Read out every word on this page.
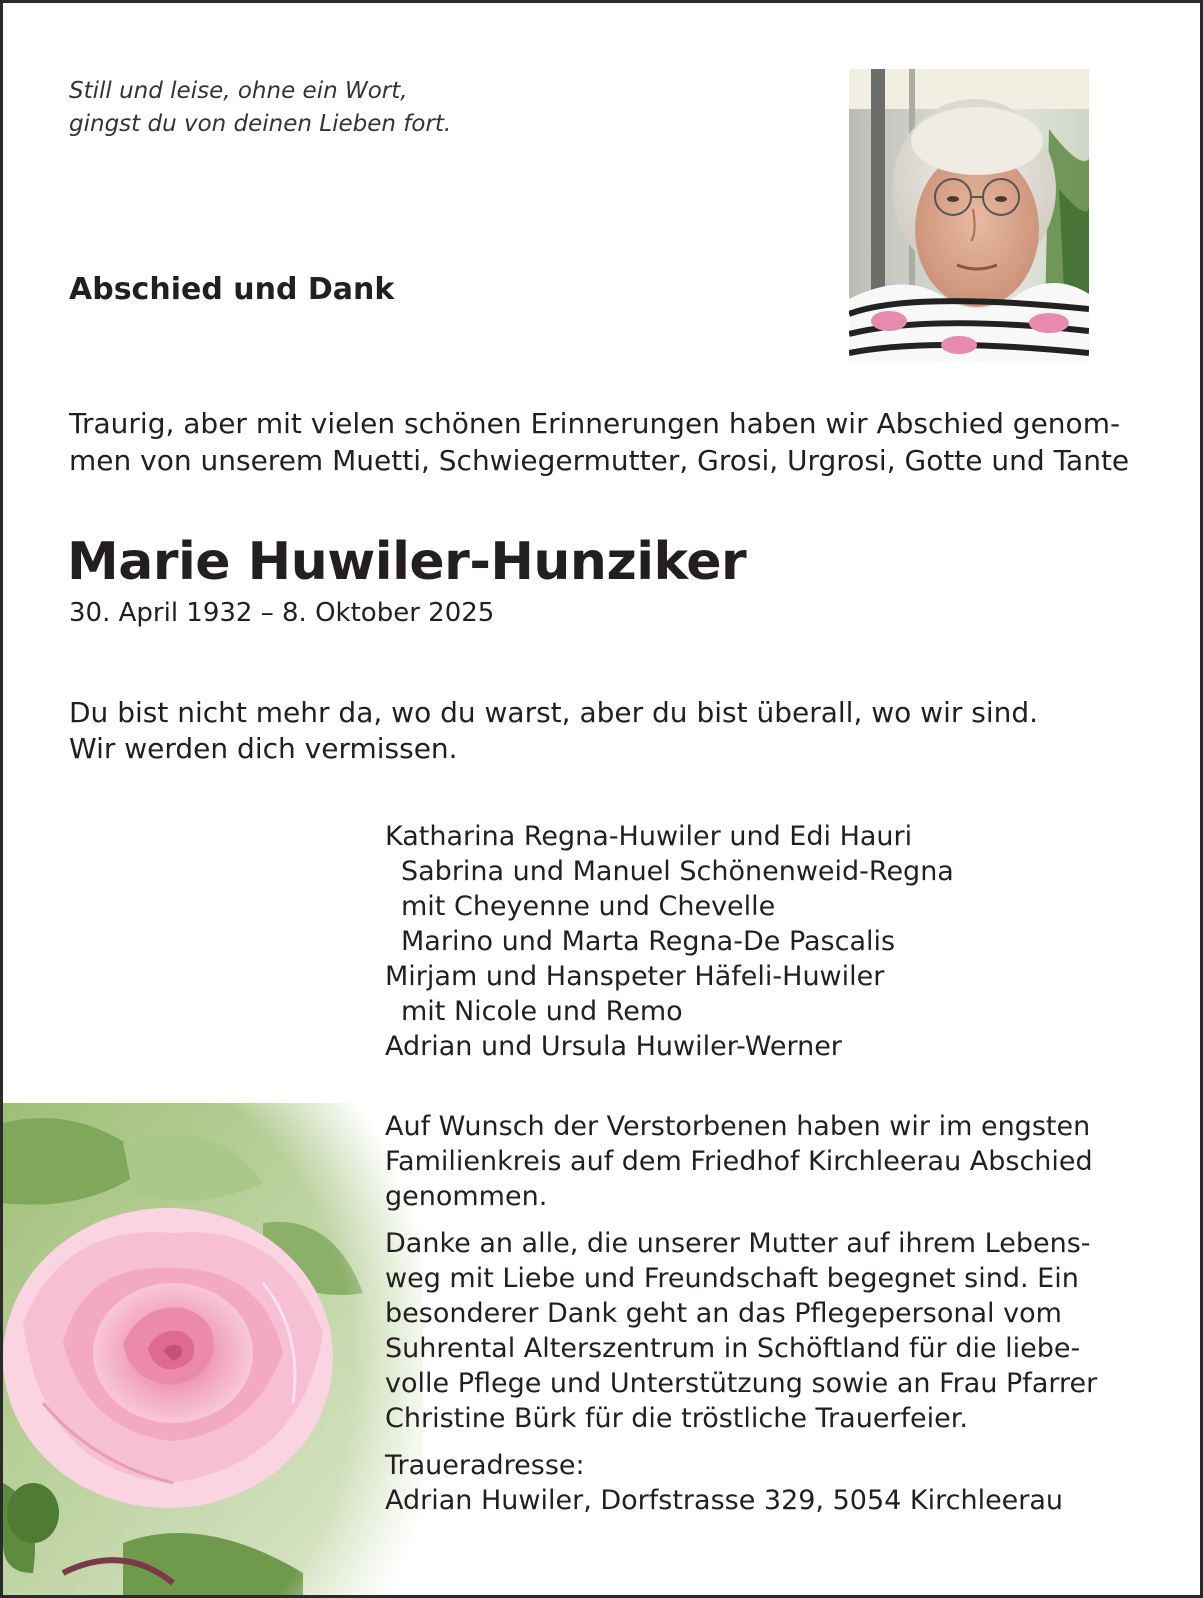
Still und leise, ohne ein Wort,
gingst du von deinen Lieben fort.
Abschied und Dank
Traurig, aber mit vielen schönen Erinnerungen haben wir Abschied genom-
men von unserem Muetti, Schwiegermutter, Grosi, Urgrosi, Gotte und Tante
Marie Huwiler-Hunziker
30. April 1932 – 8. Oktober 2025
Du bist nicht mehr da, wo du warst, aber du bist überall, wo wir sind.
Wir werden dich vermissen.
Katharina Regna-Huwiler und Edi Hauri
Sabrina und Manuel Schönenweid-Regna
mit Cheyenne und Chevelle
Marino und Marta Regna-De Pascalis
Mirjam und Hanspeter Häfeli-Huwiler
mit Nicole und Remo
Adrian und Ursula Huwiler-Werner

Auf Wunsch der Verstorbenen haben wir im engsten
Familienkreis auf dem Friedhof Kirchleerau Abschied
genommen.

Danke an alle, die unserer Mutter auf ihrem Lebens-
weg mit Liebe und Freundschaft begegnet sind. Ein
besonderer Dank geht an das Pflegepersonal vom
Suhrental Alterszentrum in Schöftland für die liebe-
volle Pflege und Unterstützung sowie an Frau Pfarrer
Christine Bürk für die tröstliche Trauerfeier.

Traueradresse:
Adrian Huwiler, Dorfstrasse 329, 5054 Kirchleerau
